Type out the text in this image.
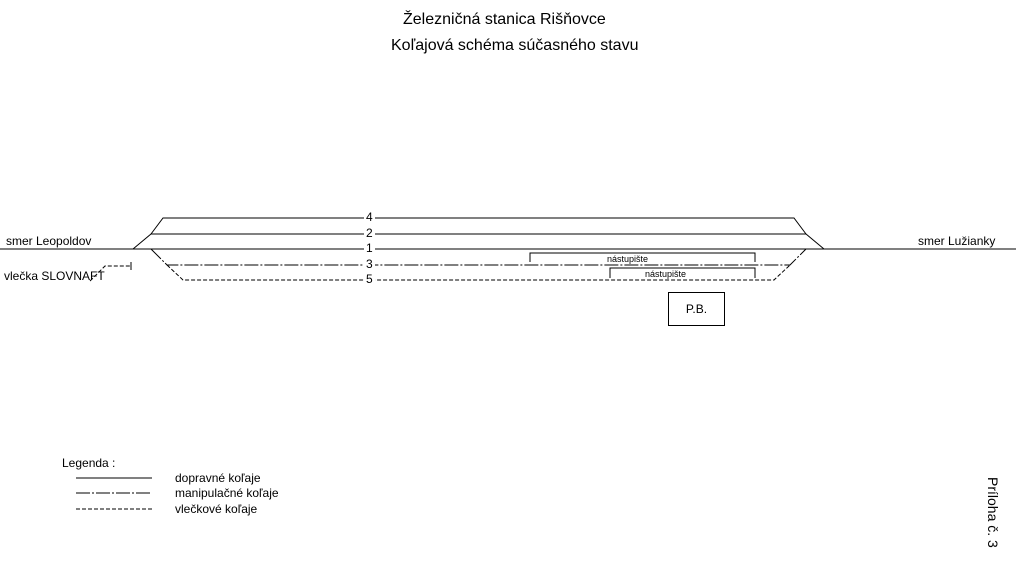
Železničná stanica Rišňovce
Koľajová schéma súčasného stavu
4
2
1
3
5
smer Leopoldov	smer Lužianky
vlečka SLOVNAFT
nástupište
nástupište
P.B.
Legenda :
dopravné koľaje
manipulačné koľaje
vlečkové koľaje	Príloha č. 3
